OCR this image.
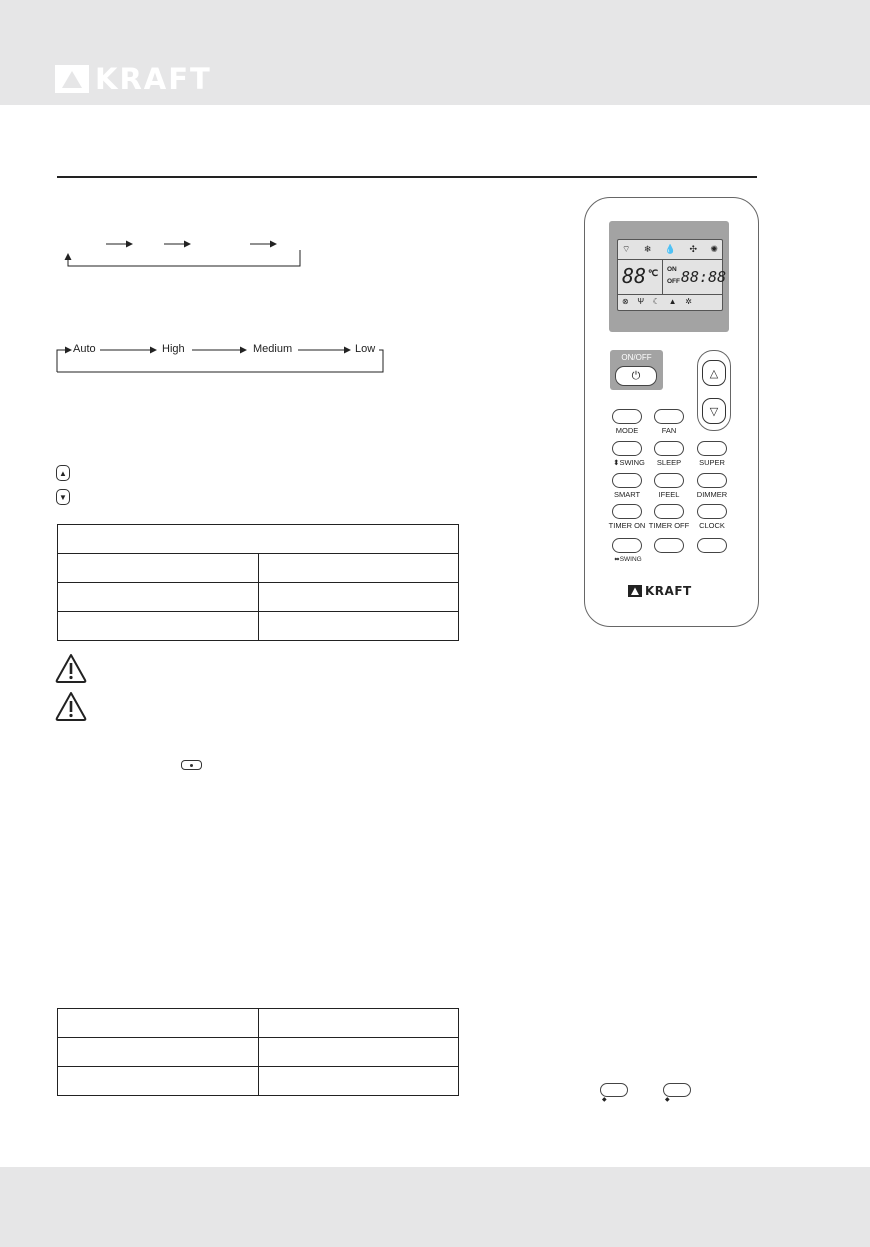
KRAFT
Auto	High	Medium	Low
▲
▼

◆	◆
⌔ ❄ 💧 ✣ ✺
88 ℃ ON
OFF 88:88
⊗ Ψ ☾ ▲ ✲
ON/OFF
⏻	△
▽
MODE	FAN
⬍SWING	SLEEP	SUPER
SMART	IFEEL	DIMMER
TIMER ON TIMER OFF	CLOCK
⬌SWING
KRAFT
